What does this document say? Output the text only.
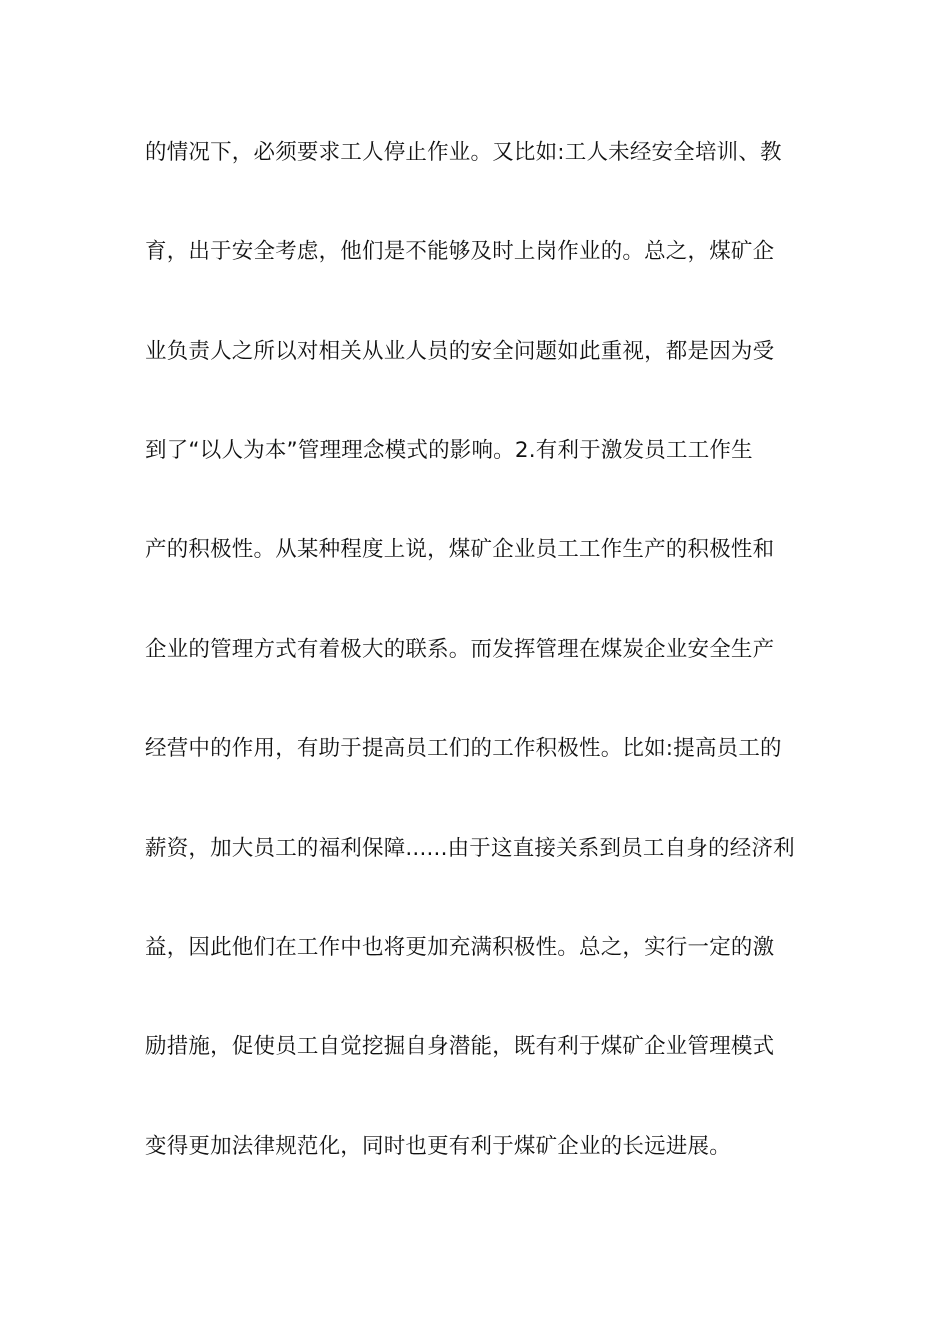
的情况下，必须要求工人停止作业。又比如:工人未经安全培训、教
育，出于安全考虑，他们是不能够及时上岗作业的。总之，煤矿企
业负责人之所以对相关从业人员的安全问题如此重视，都是因为受
到了“以人为本”管理理念模式的影响。2.有利于激发员工工作生
产的积极性。从某种程度上说，煤矿企业员工工作生产的积极性和
企业的管理方式有着极大的联系。而发挥管理在煤炭企业安全生产
经营中的作用，有助于提高员工们的工作积极性。比如:提高员工的
薪资，加大员工的福利保障......由于这直接关系到员工自身的经济利
益，因此他们在工作中也将更加充满积极性。总之，实行一定的激
励措施，促使员工自觉挖掘自身潜能，既有利于煤矿企业管理模式
变得更加法律规范化，同时也更有利于煤矿企业的长远进展。
